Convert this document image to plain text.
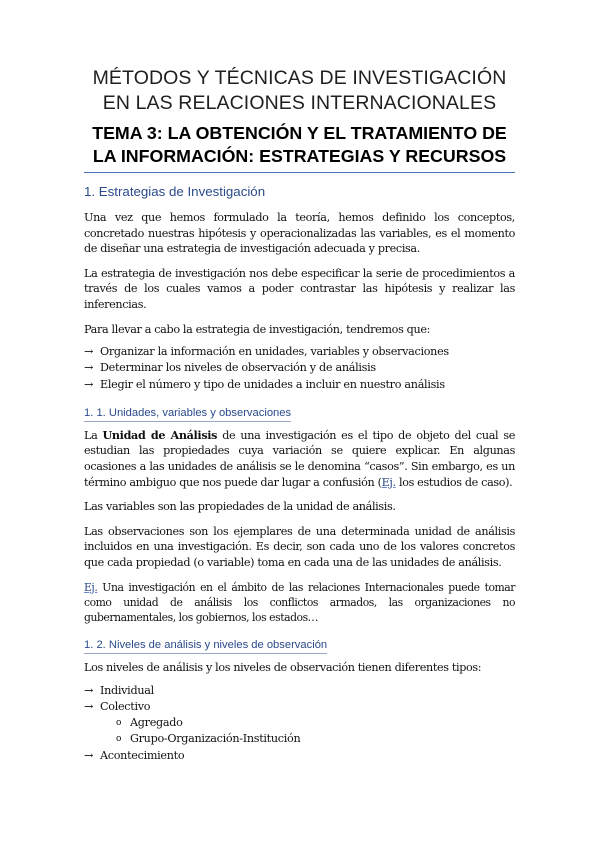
MÉTODOS Y TÉCNICAS DE INVESTIGACIÓN
EN LAS RELACIONES INTERNACIONALES
TEMA 3: LA OBTENCIÓN Y EL TRATAMIENTO DE
LA INFORMACIÓN: ESTRATEGIAS Y RECURSOS
1. Estrategias de Investigación

Una vez que hemos formulado la teoría, hemos definido los conceptos, concretado nuestras hipótesis y operacionalizadas las variables, es el momento de diseñar una estrategia de investigación adecuada y precisa.

La estrategia de investigación nos debe especificar la serie de procedimientos a través de los cuales vamos a poder contrastar las hipótesis y realizar las inferencias.

Para llevar a cabo la estrategia de investigación, tendremos que:

→ Organizar la información en unidades, variables y observaciones
→ Determinar los niveles de observación y de análisis
→ Elegir el número y tipo de unidades a incluir en nuestro análisis
1. 1. Unidades, variables y observaciones

La Unidad de Análisis de una investigación es el tipo de objeto del cual se estudian las propiedades cuya variación se quiere explicar. En algunas ocasiones a las unidades de análisis se le denomina “casos”. Sin embargo, es un término ambiguo que nos puede dar lugar a confusión (Ej. los estudios de caso).

Las variables son las propiedades de la unidad de análisis.

Las observaciones son los ejemplares de una determinada unidad de análisis incluidos en una investigación. Es decir, son cada uno de los valores concretos que cada propiedad (o variable) toma en cada una de las unidades de análisis.

Ej. Una investigación en el ámbito de las relaciones Internacionales puede tomar como unidad de análisis los conflictos armados, las organizaciones no gubernamentales, los gobiernos, los estados…

1. 2. Niveles de análisis y niveles de observación

Los niveles de análisis y los niveles de observación tienen diferentes tipos:

→ Individual
→ Colectivo
o Agregado
o Grupo-Organización-Institución
→ Acontecimiento
